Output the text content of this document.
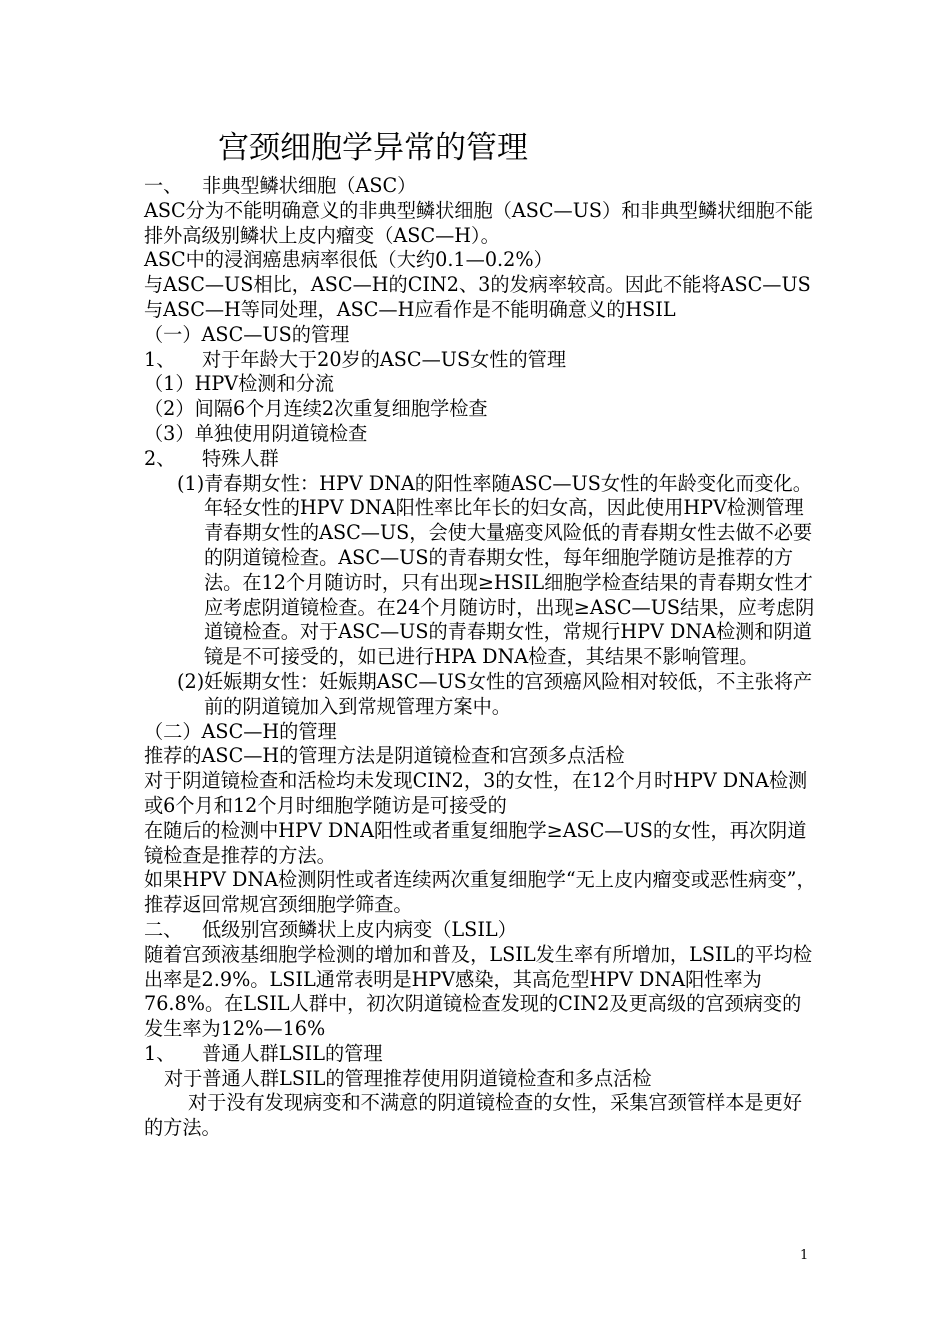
宫颈细胞学异常的管理

一、 非典型鳞状细胞（ASC）

ASC分为不能明确意义的非典型鳞状细胞（ASC—US）和非典型鳞状细胞不能排外高级别鳞状上皮内瘤变（ASC—H）。

ASC中的浸润癌患病率很低（大约0.1—0.2%）

与ASC—US相比，ASC—H的CIN2、3的发病率较高。因此不能将ASC—US与ASC—H等同处理，ASC—H应看作是不能明确意义的HSIL

（一）ASC—US的管理

1、 对于年龄大于20岁的ASC—US女性的管理

（1）HPV检测和分流

（2）间隔6个月连续2次重复细胞学检查

（3）单独使用阴道镜检查

2、 特殊人群

(1) 青春期女性：HPV DNA的阳性率随ASC—US女性的年龄变化而变化。年轻女性的HPV DNA阳性率比年长的妇女高，因此使用HPV检测管理青春期女性的ASC—US，会使大量癌变风险低的青春期女性去做不必要的阴道镜检查。ASC—US的青春期女性，每年细胞学随访是推荐的方法。在12个月随访时，只有出现≥HSIL细胞学检查结果的青春期女性才应考虑阴道镜检查。在24个月随访时，出现≥ASC—US结果，应考虑阴道镜检查。对于ASC—US的青春期女性，常规行HPV DNA检测和阴道镜是不可接受的，如已进行HPA DNA检查，其结果不影响管理。

(2) 妊娠期女性：妊娠期ASC—US女性的宫颈癌风险相对较低，不主张将产前的阴道镜加入到常规管理方案中。

（二）ASC—H的管理

推荐的ASC—H的管理方法是阴道镜检查和宫颈多点活检

对于阴道镜检查和活检均未发现CIN2，3的女性，在12个月时HPV DNA检测或6个月和12个月时细胞学随访是可接受的

在随后的检测中HPV DNA阳性或者重复细胞学≥ASC—US的女性，再次阴道镜检查是推荐的方法。

如果HPV DNA检测阴性或者连续两次重复细胞学“无上皮内瘤变或恶性病变”，推荐返回常规宫颈细胞学筛查。

二、 低级别宫颈鳞状上皮内病变（LSIL）

随着宫颈液基细胞学检测的增加和普及，LSIL发生率有所增加，LSIL的平均检出率是2.9%。LSIL通常表明是HPV感染，其高危型HPV DNA阳性率为76.8%。在LSIL人群中，初次阴道镜检查发现的CIN2及更高级的宫颈病变的发生率为12%—16%

1、 普通人群LSIL的管理

对于普通人群LSIL的管理推荐使用阴道镜检查和多点活检

对于没有发现病变和不满意的阴道镜检查的女性，采集宫颈管样本是更好的方法。

1
